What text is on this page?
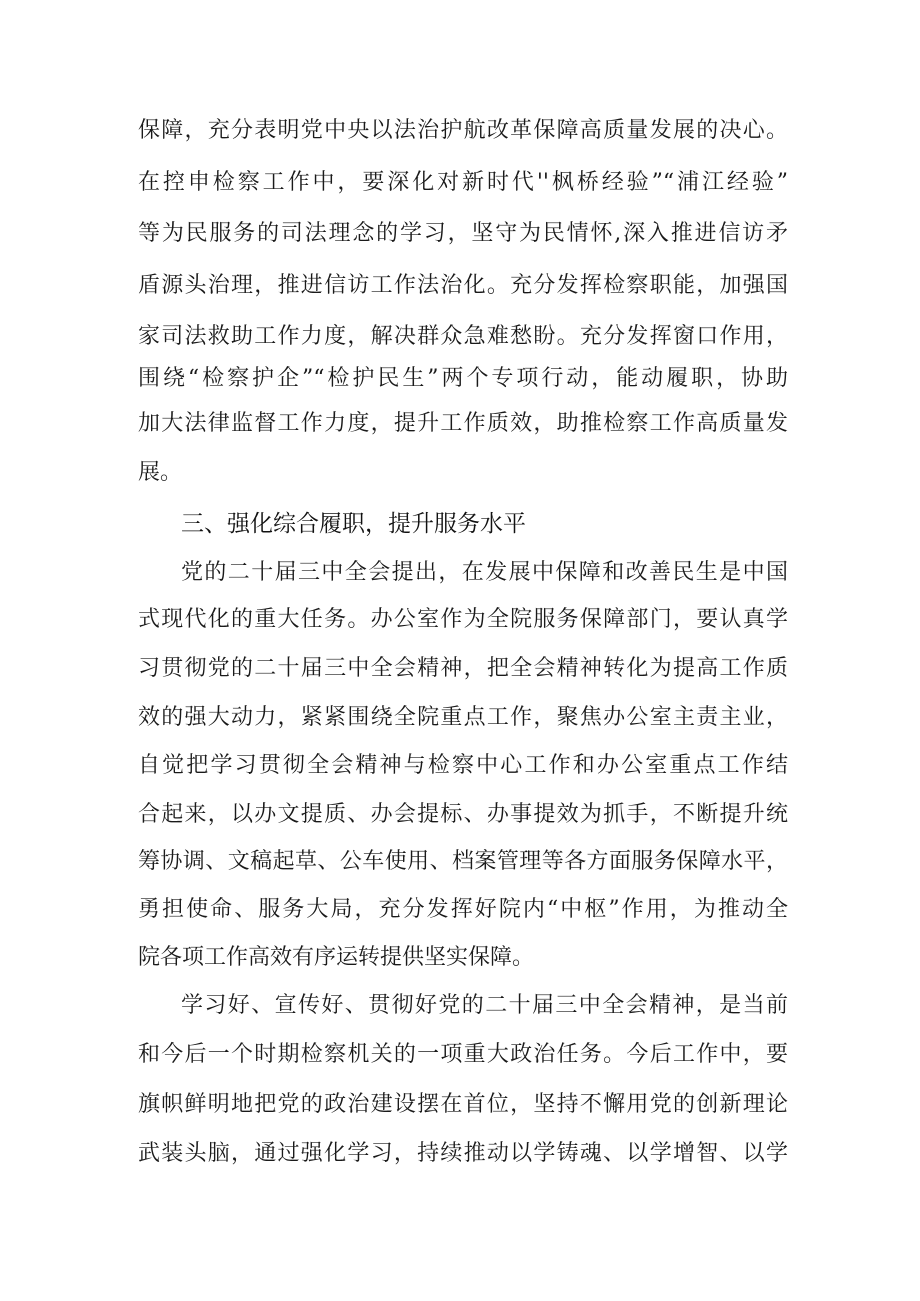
保障，充分表明党中央以法治护航改革保障高质量发展的决心。
在控申检察工作中，要深化对新时代''枫桥经验”“浦江经验”
等为民服务的司法理念的学习，坚守为民情怀,深入推进信访矛
盾源头治理，推进信访工作法治化。充分发挥检察职能，加强国
家司法救助工作力度，解决群众急难愁盼。充分发挥窗口作用，
围绕“检察护企”“检护民生”两个专项行动，能动履职，协助
加大法律监督工作力度，提升工作质效，助推检察工作高质量发
展。
三、强化综合履职，提升服务水平
党的二十届三中全会提出，在发展中保障和改善民生是中国
式现代化的重大任务。办公室作为全院服务保障部门，要认真学
习贯彻党的二十届三中全会精神，把全会精神转化为提高工作质
效的强大动力，紧紧围绕全院重点工作，聚焦办公室主责主业，
自觉把学习贯彻全会精神与检察中心工作和办公室重点工作结
合起来，以办文提质、办会提标、办事提效为抓手，不断提升统
筹协调、文稿起草、公车使用、档案管理等各方面服务保障水平，
勇担使命、服务大局，充分发挥好院内“中枢”作用，为推动全
院各项工作高效有序运转提供坚实保障。
学习好、宣传好、贯彻好党的二十届三中全会精神，是当前
和今后一个时期检察机关的一项重大政治任务。今后工作中，要
旗帜鲜明地把党的政治建设摆在首位，坚持不懈用党的创新理论
武装头脑，通过强化学习，持续推动以学铸魂、以学增智、以学
